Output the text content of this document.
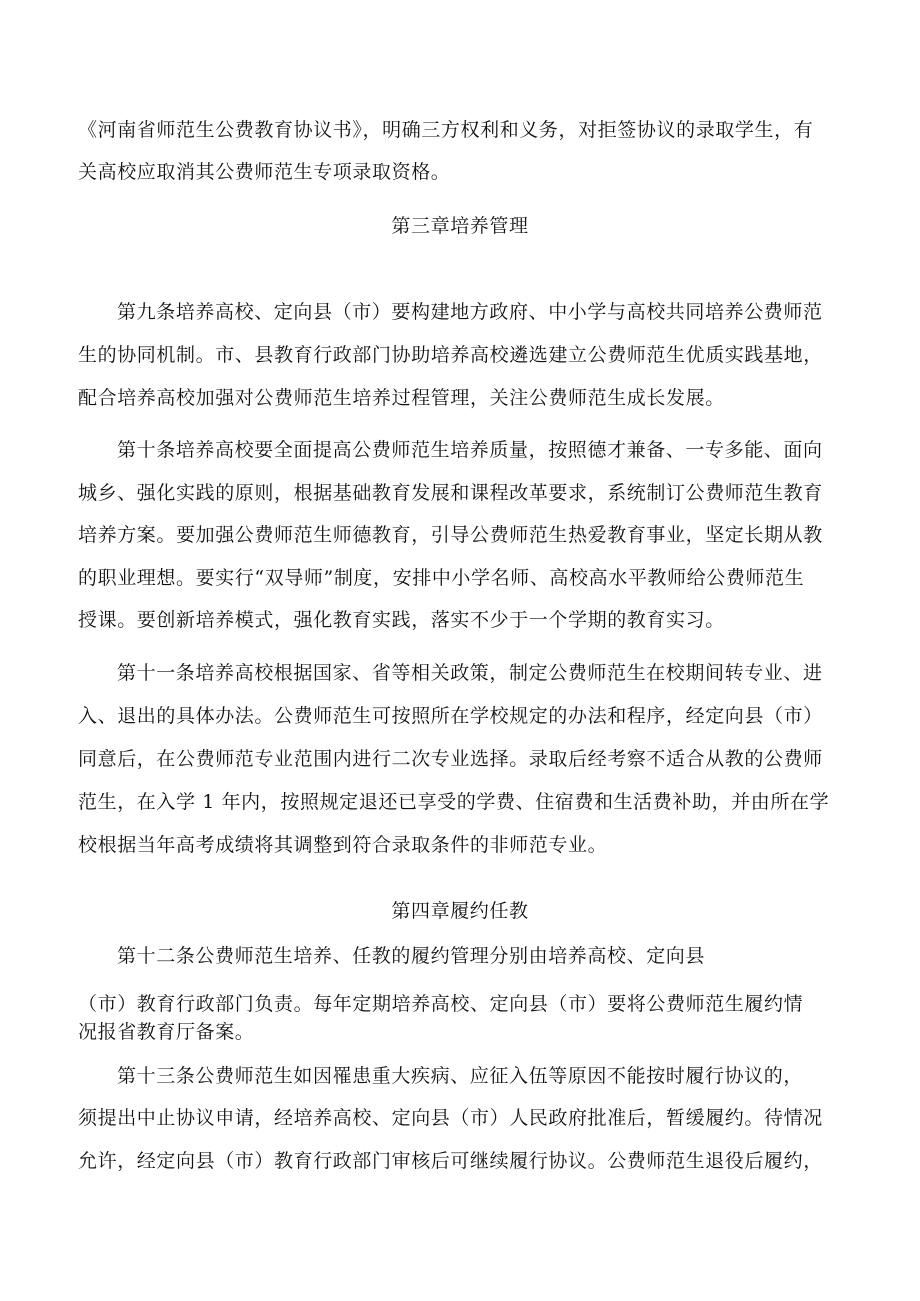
《河南省师范生公费教育协议书》，明确三方权利和义务，对拒签协议的录取学生，有
关高校应取消其公费师范生专项录取资格。
第三章培养管理
第九条培养高校、定向县（市）要构建地方政府、中小学与高校共同培养公费师范
生的协同机制。市、县教育行政部门协助培养高校遴选建立公费师范生优质实践基地，
配合培养高校加强对公费师范生培养过程管理，关注公费师范生成长发展。
第十条培养高校要全面提高公费师范生培养质量，按照德才兼备、一专多能、面向
城乡、强化实践的原则，根据基础教育发展和课程改革要求，系统制订公费师范生教育
培养方案。要加强公费师范生师德教育，引导公费师范生热爱教育事业，坚定长期从教
的职业理想。要实行“双导师”制度，安排中小学名师、高校高水平教师给公费师范生
授课。要创新培养模式，强化教育实践，落实不少于一个学期的教育实习。
第十一条培养高校根据国家、省等相关政策，制定公费师范生在校期间转专业、进
入、退出的具体办法。公费师范生可按照所在学校规定的办法和程序，经定向县（市）
同意后，在公费师范专业范围内进行二次专业选择。录取后经考察不适合从教的公费师
范生，在入学 1 年内，按照规定退还已享受的学费、住宿费和生活费补助，并由所在学
校根据当年高考成绩将其调整到符合录取条件的非师范专业。
第四章履约任教
第十二条公费师范生培养、任教的履约管理分别由培养高校、定向县
（市）教育行政部门负责。每年定期培养高校、定向县（市）要将公费师范生履约情
况报省教育厅备案。
第十三条公费师范生如因罹患重大疾病、应征入伍等原因不能按时履行协议的，
须提出中止协议申请，经培养高校、定向县（市）人民政府批准后，暂缓履约。待情况
允许，经定向县（市）教育行政部门审核后可继续履行协议。公费师范生退役后履约，
